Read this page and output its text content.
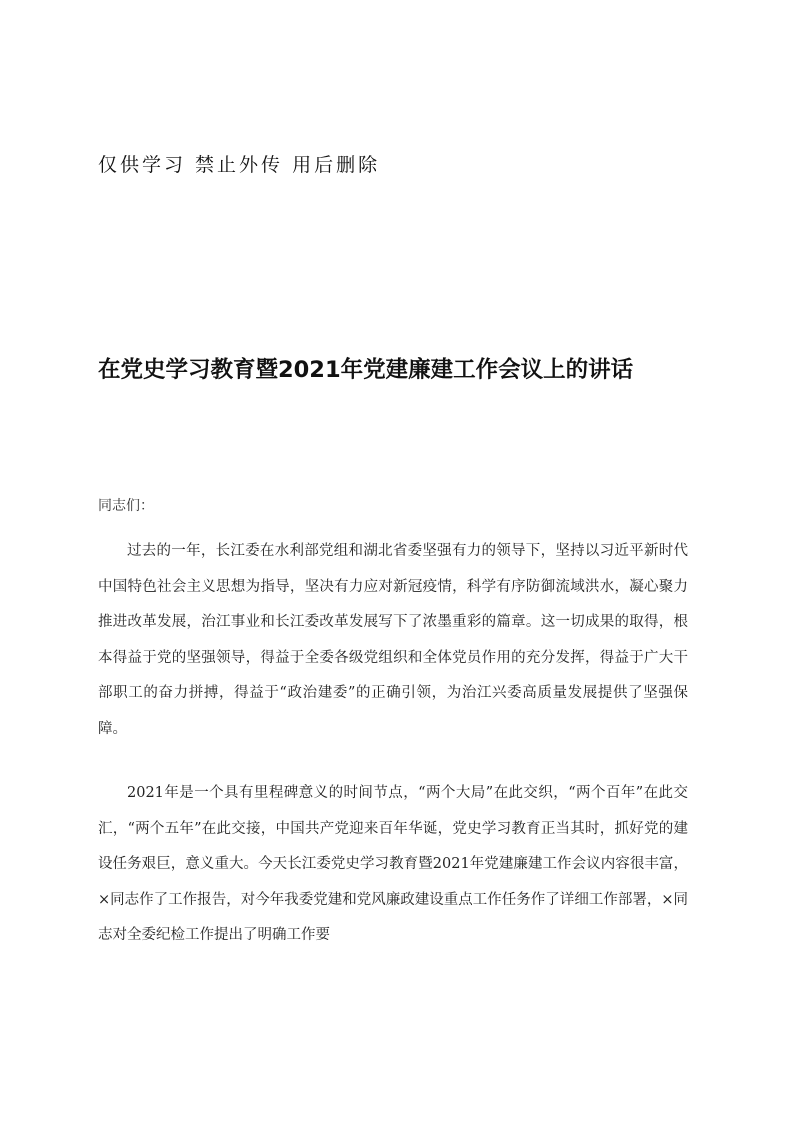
仅供学习 禁止外传 用后删除
在党史学习教育暨2021年党建廉建工作会议上的讲话
同志们：
过去的一年，长江委在水利部党组和湖北省委坚强有力的领导下，坚持以习近平新时代中国特色社会主义思想为指导，坚决有力应对新冠疫情，科学有序防御流域洪水，凝心聚力推进改革发展，治江事业和长江委改革发展写下了浓墨重彩的篇章。这一切成果的取得，根本得益于党的坚强领导，得益于全委各级党组织和全体党员作用的充分发挥，得益于广大干部职工的奋力拼搏，得益于“政治建委”的正确引领，为治江兴委高质量发展提供了坚强保障。
2021年是一个具有里程碑意义的时间节点，“两个大局”在此交织，“两个百年”在此交汇，“两个五年”在此交接，中国共产党迎来百年华诞，党史学习教育正当其时，抓好党的建设任务艰巨，意义重大。今天长江委党史学习教育暨2021年党建廉建工作会议内容很丰富，×同志作了工作报告，对今年我委党建和党风廉政建设重点工作任务作了详细工作部署，×同志对全委纪检工作提出了明确工作要
